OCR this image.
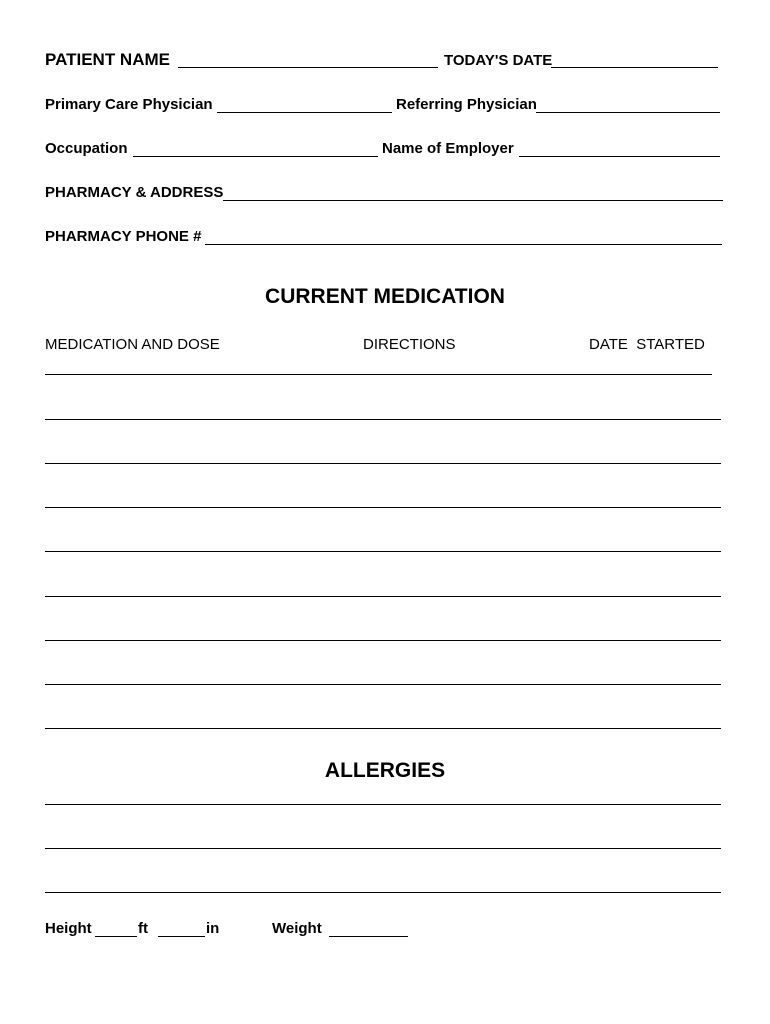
PATIENT NAME	TODAY'S DATE
Primary Care Physician	Referring Physician
Occupation	Name of Employer
PHARMACY & ADDRESS
PHARMACY PHONE #
CURRENT MEDICATION
MEDICATION AND DOSE	DIRECTIONS	DATE  STARTED
ALLERGIES
Height	ft	in	Weight
